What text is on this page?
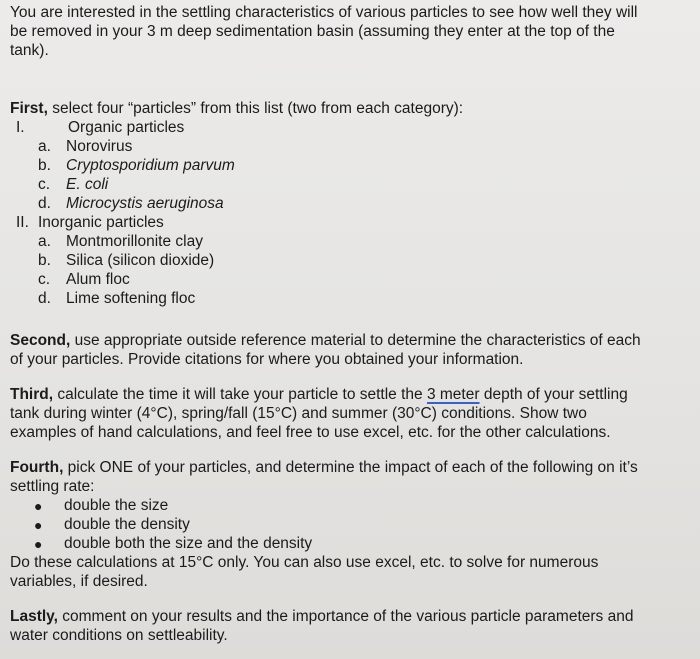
You are interested in the settling characteristics of various particles to see how well they will
be removed in your 3 m deep sedimentation basin (assuming they enter at the top of the
tank).
First, select four “particles” from this list (two from each category):
I.	Organic particles
a. Norovirus
b. Cryptosporidium parvum
c. E. coli
d. Microcystis aeruginosa
II. Inorganic particles
a. Montmorillonite clay
b. Silica (silicon dioxide)
c. Alum floc
d. Lime softening floc
Second, use appropriate outside reference material to determine the characteristics of each
of your particles. Provide citations for where you obtained your information.
Third, calculate the time it will take your particle to settle the 3 meter depth of your settling
tank during winter (4°C), spring/fall (15°C) and summer (30°C) conditions. Show two
examples of hand calculations, and feel free to use excel, etc. for the other calculations.
Fourth, pick ONE of your particles, and determine the impact of each of the following on it’s
settling rate:
● double the size
● double the density
● double both the size and the density
Do these calculations at 15°C only. You can also use excel, etc. to solve for numerous
variables, if desired.
Lastly, comment on your results and the importance of the various particle parameters and
water conditions on settleability.
